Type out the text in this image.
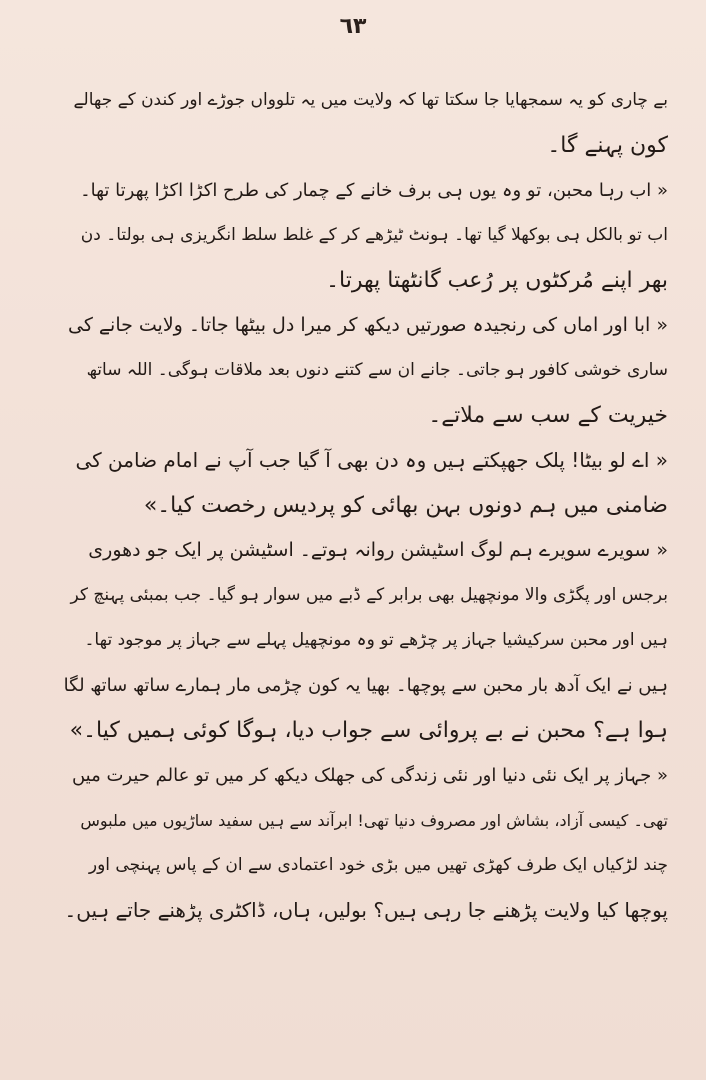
٦٣
بے چاری کو یہ سمجھایا جا سکتا تھا کہ ولایت میں یہ تلوواں جوڑے اور کندن کے جھالے
کون پہنے گا۔
« اب رہا محبن، تو وہ یوں ہی برف خانے کے چمار کی طرح اکڑا اکڑا پھرتا تھا۔
اب تو بالکل ہی بوکھلا گیا تھا۔ ہونٹ ٹیڑھے کر کے غلط سلط انگریزی ہی بولتا۔ دن
بھر اپنے مُرکٹوں پر رُعب گانٹھتا پھرتا۔
« ابا اور اماں کی رنجیدہ صورتیں دیکھ کر میرا دل بیٹھا جاتا۔ ولایت جانے کی
ساری خوشی کافور ہو جاتی۔ جانے ان سے کتنے دنوں بعد ملاقات ہوگی۔ اللہ ساتھ
خیریت کے سب سے ملاتے۔
« اے لو بیٹا! پلک جھپکتے ہیں وہ دن بھی آ گیا جب آپ نے امام ضامن کی
ضامنی میں ہم دونوں بہن بھائی کو پردیس رخصت کیا۔»
« سویرے سویرے ہم لوگ اسٹیشن روانہ ہوتے۔ اسٹیشن پر ایک جو دھوری
برجس اور پگڑی والا مونچھیل بھی برابر کے ڈبے میں سوار ہو گیا۔ جب بمبئی پہنچ کر
ہیں اور محبن سرکیشیا جہاز پر چڑھے تو وہ مونچھیل پہلے سے جہاز پر موجود تھا۔
ہیں نے ایک آدھ بار محبن سے پوچھا۔ بھیا یہ کون چڑمی مار ہمارے ساتھ ساتھ لگا
ہوا ہے؟ محبن نے بے پروائی سے جواب دیا، ہوگا کوئی ہمیں کیا۔»
« جہاز پر ایک نئی دنیا اور نئی زندگی کی جھلک دیکھ کر میں تو عالم حیرت میں
تھی۔ کیسی آزاد، بشاش اور مصروف دنیا تھی! ابرآند سے ہیں سفید ساڑیوں میں ملبوس
چند لڑکیاں ایک طرف کھڑی تھیں میں بڑی خود اعتمادی سے ان کے پاس پہنچی اور
پوچھا کیا ولایت پڑھنے جا رہی ہیں؟ بولیں، ہاں، ڈاکٹری پڑھنے جاتے ہیں۔
